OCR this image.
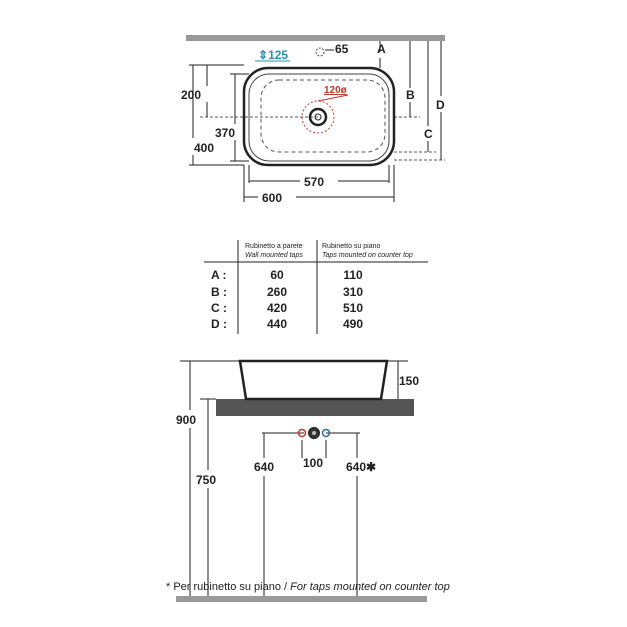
⇕125	65 A
120ø	B
D
C
200
370
400
570
600
Rubinetto a parete
Wall mounted taps
Rubinetto su piano
Taps mounted on counter top
A :	60	110
B :	260	310
C :	420	510
D :	440	490
150
900
750
640 100 640✱
* Per rubinetto su piano / For taps mounted on counter top
